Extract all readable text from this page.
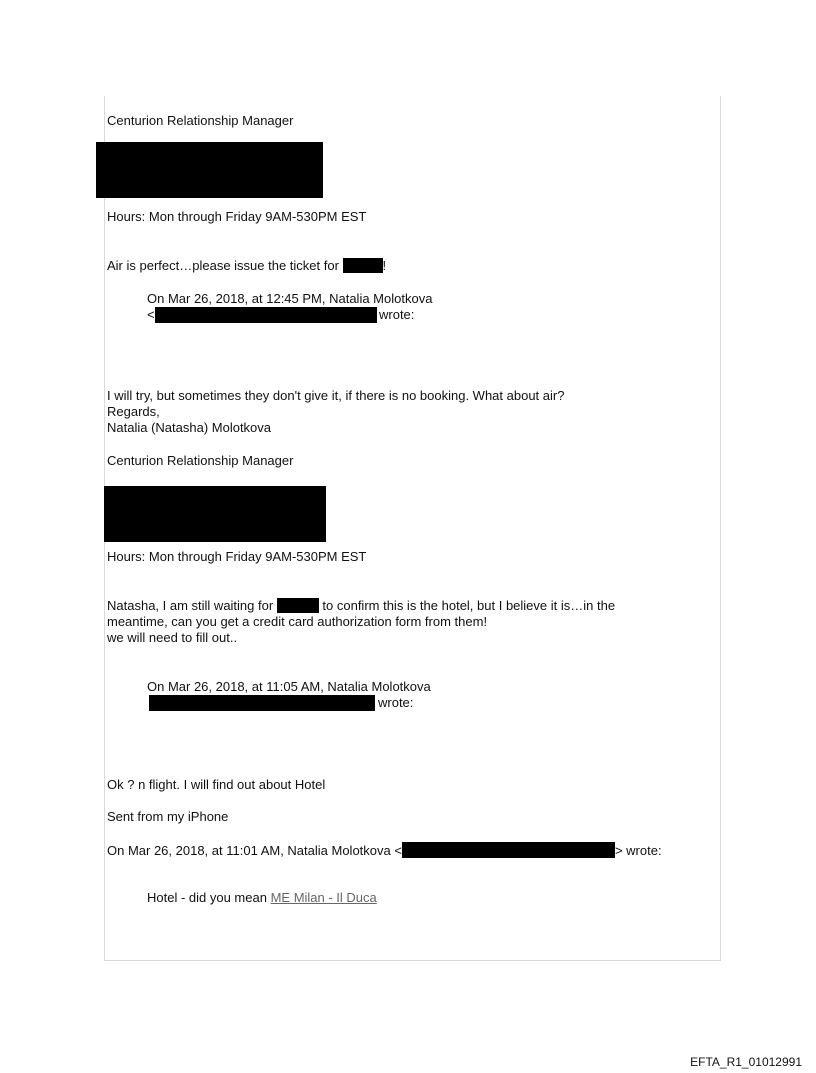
Centurion Relationship Manager
Hours: Mon through Friday 9AM-530PM EST
Air is perfect…please issue the ticket for	!
On Mar 26, 2018, at 12:45 PM, Natalia Molotkova
<	wrote:
I will try, but sometimes they don't give it, if there is no booking. What about air?
Regards,
Natalia (Natasha) Molotkova
Centurion Relationship Manager
Hours: Mon through Friday 9AM-530PM EST
Natasha, I am still waiting for	to confirm this is the hotel, but I believe it is…in the
meantime, can you get a credit card authorization form from them!
we will need to fill out..
On Mar 26, 2018, at 11:05 AM, Natalia Molotkova
wrote:
Ok ? n flight. I will find out about Hotel
Sent from my iPhone
On Mar 26, 2018, at 11:01 AM, Natalia Molotkova <	> wrote:
Hotel - did you mean ME Milan - Il Duca
EFTA_R1_01012991
